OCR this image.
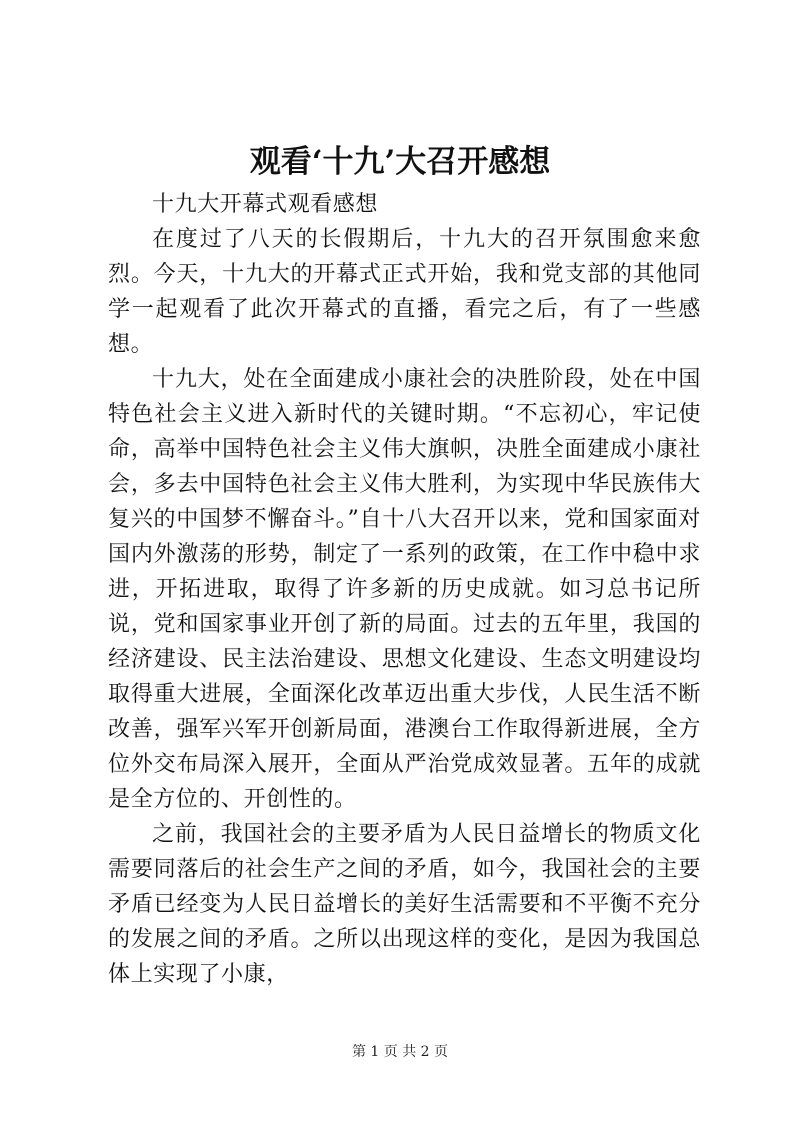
观看‘十九’大召开感想

十九大开幕式观看感想

在度过了八天的长假期后，十九大的召开氛围愈来愈烈。今天，十九大的开幕式正式开始，我和党支部的其他同学一起观看了此次开幕式的直播，看完之后，有了一些感想。

十九大，处在全面建成小康社会的决胜阶段，处在中国特色社会主义进入新时代的关键时期。“不忘初心，牢记使命，高举中国特色社会主义伟大旗帜，决胜全面建成小康社会，多去中国特色社会主义伟大胜利，为实现中华民族伟大复兴的中国梦不懈奋斗。”自十八大召开以来，党和国家面对国内外激荡的形势，制定了一系列的政策，在工作中稳中求进，开拓进取，取得了许多新的历史成就。如习总书记所说，党和国家事业开创了新的局面。过去的五年里，我国的经济建设、民主法治建设、思想文化建设、生态文明建设均取得重大进展，全面深化改革迈出重大步伐，人民生活不断改善，强军兴军开创新局面，港澳台工作取得新进展，全方位外交布局深入展开，全面从严治党成效显著。五年的成就是全方位的、开创性的。

之前，我国社会的主要矛盾为人民日益增长的物质文化需要同落后的社会生产之间的矛盾，如今，我国社会的主要矛盾已经变为人民日益增长的美好生活需要和不平衡不充分的发展之间的矛盾。之所以出现这样的变化，是因为我国总体上实现了小康，

第 1 页 共 2 页
